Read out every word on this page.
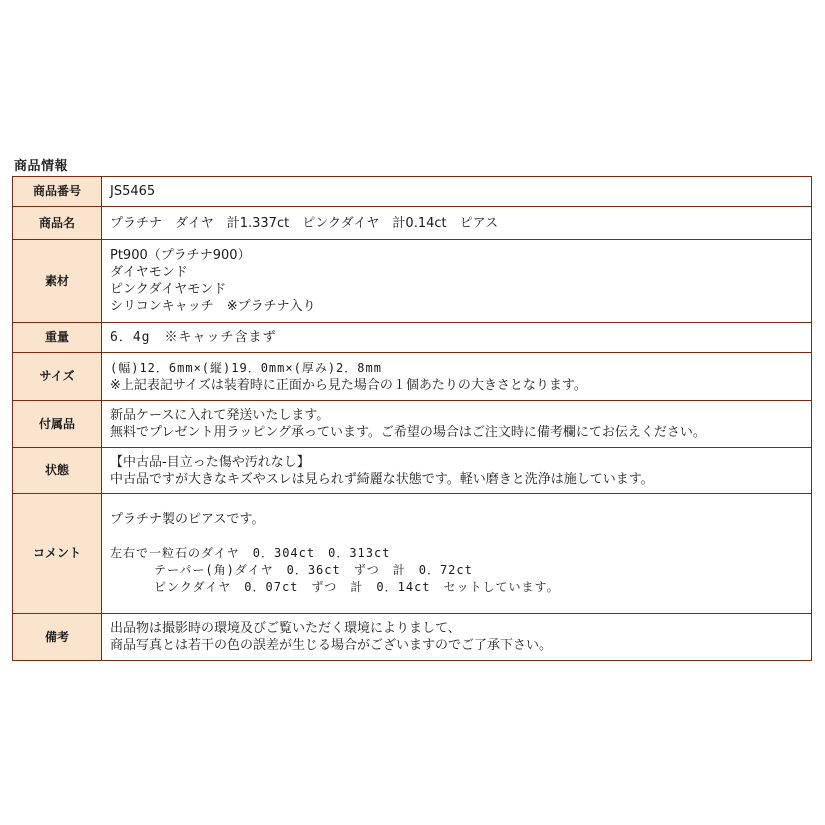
商品情報
商品番号	JS5465
商品名	プラチナ　ダイヤ　計1.337ct　ピンクダイヤ　計0.14ct　ピアス
素材	Pt900（プラチナ900）
ダイヤモンド
ピンクダイヤモンド
シリコンキャッチ　※プラチナ入り

重量	6．4g　※キャッチ含まず
サイズ	(幅)12．6mm×(縦)19．0mm×(厚み)2．8mm
※上記表記サイズは装着時に正面から見た場合の１個あたりの大きさとなります。

付属品	新品ケースに入れて発送いたします。
無料でプレゼント用ラッピング承っています。ご希望の場合はご注文時に備考欄にてお伝えください。

状態	【中古品-目立った傷や汚れなし】
中古品ですが大きなキズやスレは見られず綺麗な状態です。軽い磨きと洗浄は施しています。

コメント	プラチナ製のピアスです。
左右で一粒石のダイヤ　0．304ct　0．313ct
テーパー(角)ダイヤ　0．36ct　ずつ　計　0．72ct
ピンクダイヤ　0．07ct　ずつ　計　0．14ct　セットしています。

備考	出品物は撮影時の環境及びご覧いただく環境によりまして、
商品写真とは若干の色の誤差が生じる場合がございますのでご了承下さい。
